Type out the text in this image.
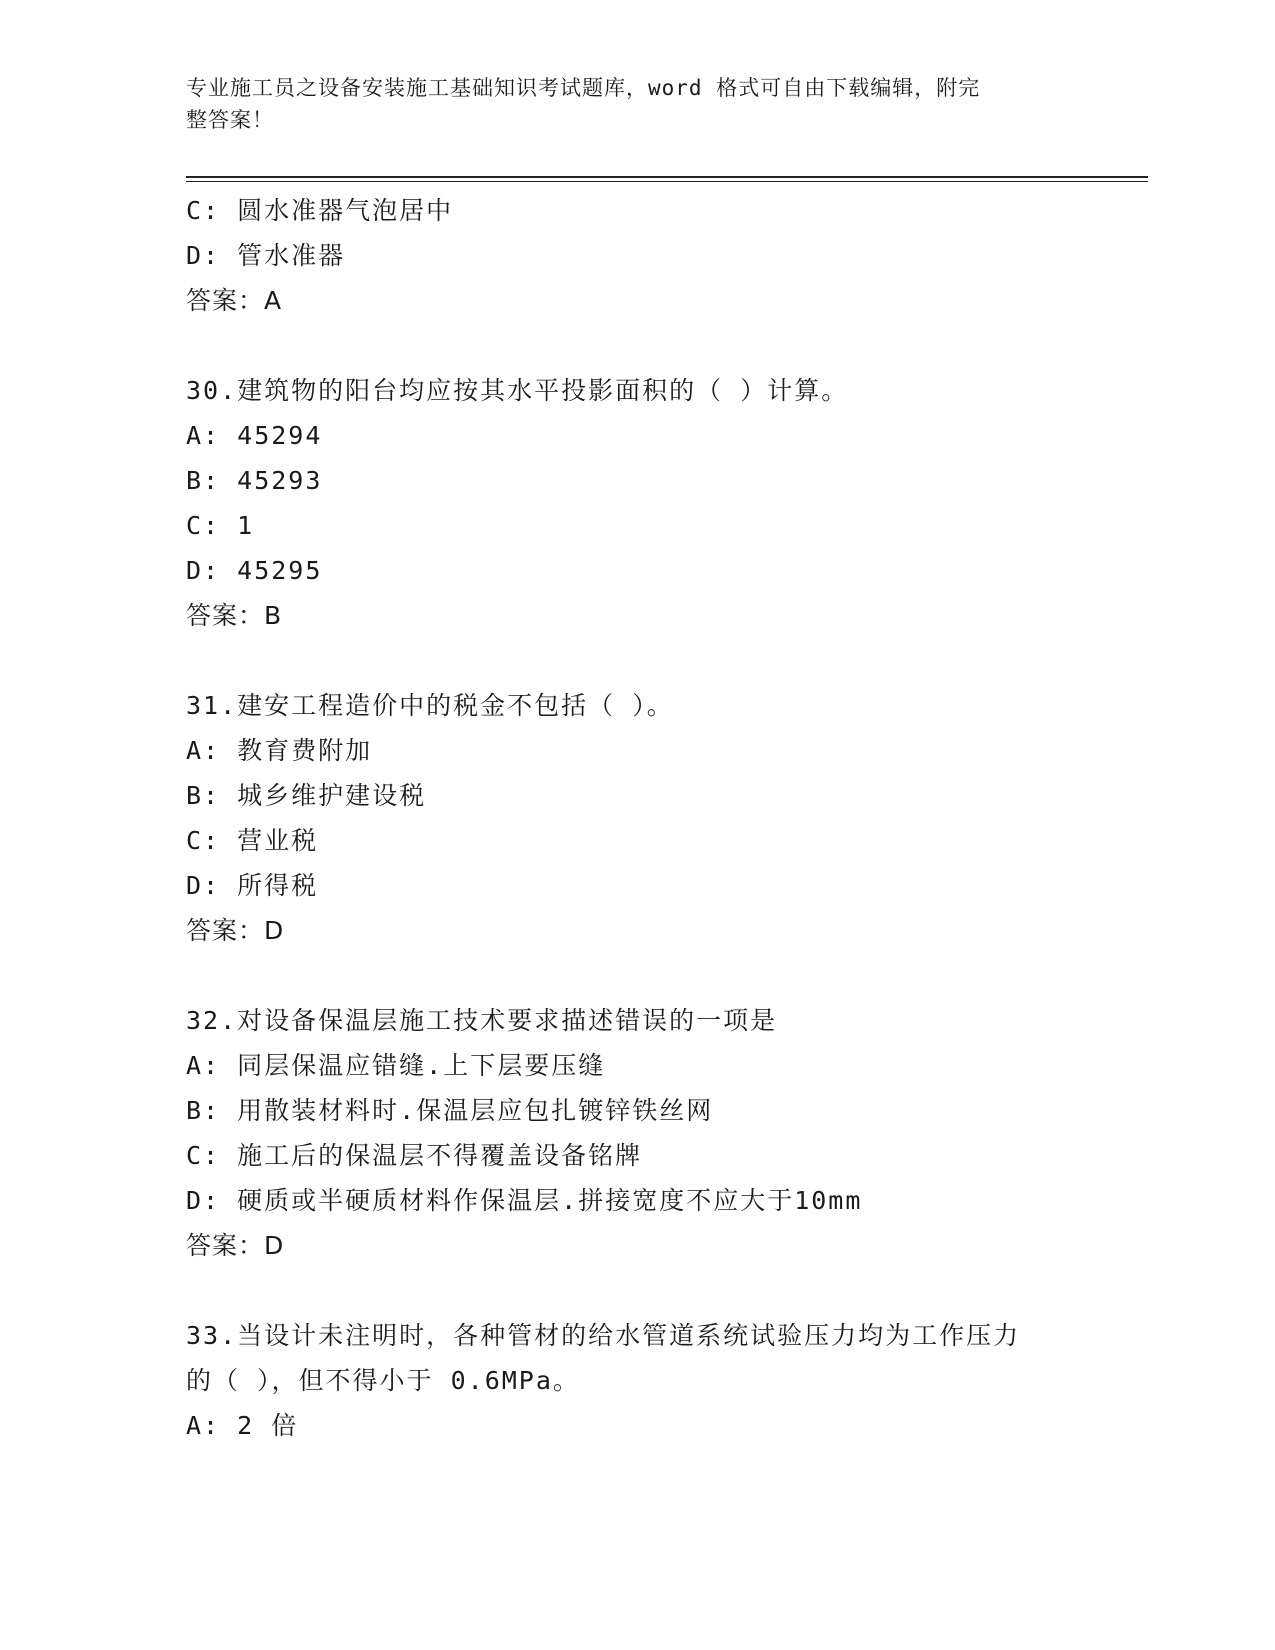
专业施工员之设备安装施工基础知识考试题库，word 格式可自由下载编辑，附完
整答案！
C: 圆水准器气泡居中
D: 管水准器
答案：A
30.建筑物的阳台均应按其水平投影面积的（ ）计算。
A: 45294
B: 45293
C: 1
D: 45295
答案：B
31.建安工程造价中的税金不包括（ ）。
A: 教育费附加
B: 城乡维护建设税
C: 营业税
D: 所得税
答案：D
32.对设备保温层施工技术要求描述错误的一项是
A: 同层保温应错缝.上下层要压缝
B: 用散装材料时.保温层应包扎镀锌铁丝网
C: 施工后的保温层不得覆盖设备铭牌
D: 硬质或半硬质材料作保温层.拼接宽度不应大于10mm
答案：D
33.当设计未注明时，各种管材的给水管道系统试验压力均为工作压力
的（ ），但不得小于 0.6MPa。
A: 2 倍
